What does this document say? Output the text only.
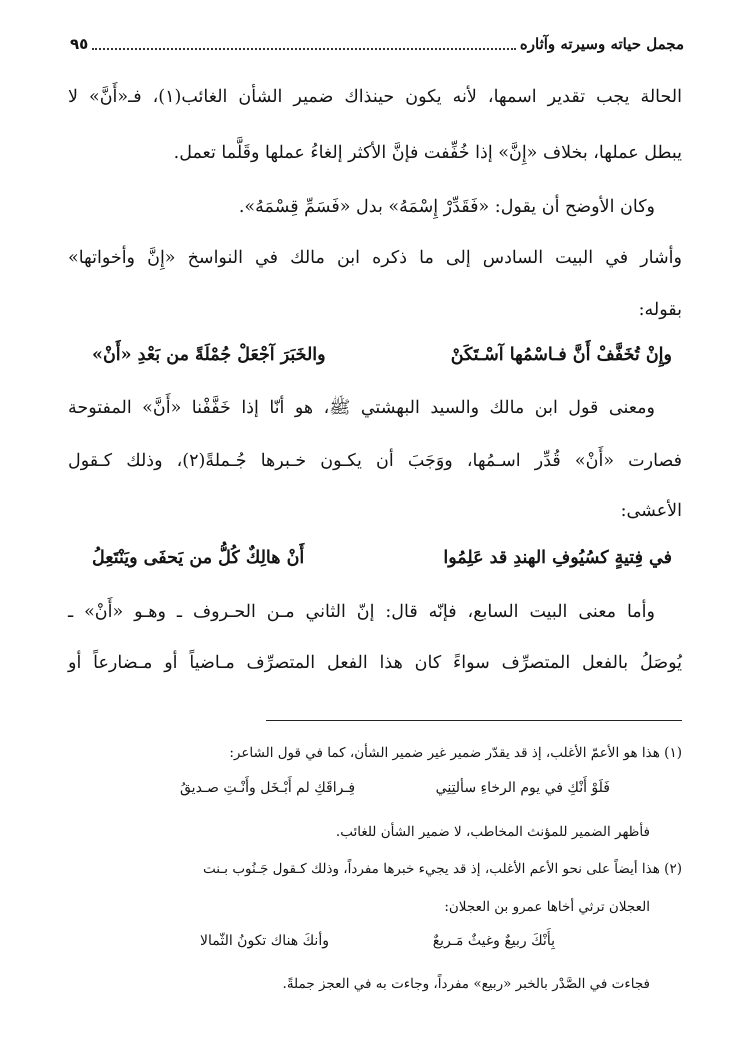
مجمل حياته وسيرته وآثاره
٩٥
الحالة يجب تقدير اسمها، لأنه يكون حينذاك ضمير الشأن الغائب(١)، فـ«أَنَّ» لا
يبطل عملها، بخلاف «إِنَّ» إذا خُفِّفت فإنَّ الأكثر إلغاءُ عملها وقَلَّما تعمل.
وكان الأوضح أن يقول: «فَقَدِّرْ إِسْمَهُ» بدل «فَسَمِّ قِسْمَهُ».
وأشار في البيت السادس إلى ما ذكره ابن مالك في النواسخ «إِنَّ وأخواتها»
بقوله:
وإِنْ تُخَفَّفْ أَنَّ فـاسْمُها آسْـتَكَنْ
والخَبَرَ آجْعَلْ جُمْلَةً من بَعْدِ «أَنْ»
ومعنى قول ابن مالك والسيد البهشتي ﷺ، هو أنّا إذا خَفَّفْنا «أَنَّ» المفتوحة
فصارت «أَنْ» قُدِّر اسـمُها، ووَجَبَ أن يكـون خـبرها جُـملةً(٢)، وذلك كـقول
الأعشى:
في فِتيةٍ كسُيُوفِ الهندِ قد عَلِمُوا
أَنْ هالِكٌ كُلُّ من يَحفَى ويَنْتَعِلُ
وأما معنى البيت السابع، فإنّه قال: إنّ الثاني مـن الحـروف ـ وهـو «أَنْ» ـ
يُوصَلُ بالفعل المتصرِّف سواءً كان هذا الفعل المتصرِّف مـاضياً أو مـضارعاً أو
(١) هذا هو الأعمّ الأغلب، إذ قد يقدّر ضمير غير ضمير الشأن، كما في قول الشاعر:
فَلَوْ أَنْكِ في يوم الرخاءِ سألتِنِي
فِـراقَكِ لم أَبْـخَل وأَنْـتِ صـديقُ
فأظهر الضمير للمؤنث المخاطب، لا ضمير الشأن للغائب.
(٢) هذا أيضاً على نحو الأعم الأغلب، إذ قد يجيء خبرها مفرداً، وذلك كـقول جَـنُوب بـنت
العجلان ترثي أخاها عمرو بن العجلان:
بِأَنْكَ ربيعٌ وغيثٌ مَـريعٌ
وأنكَ هناك تكونُ الثّمالا
فجاءت في الصَّدْر بالخبر «ربيع» مفرداً، وجاءت به في العجز جملةً.
